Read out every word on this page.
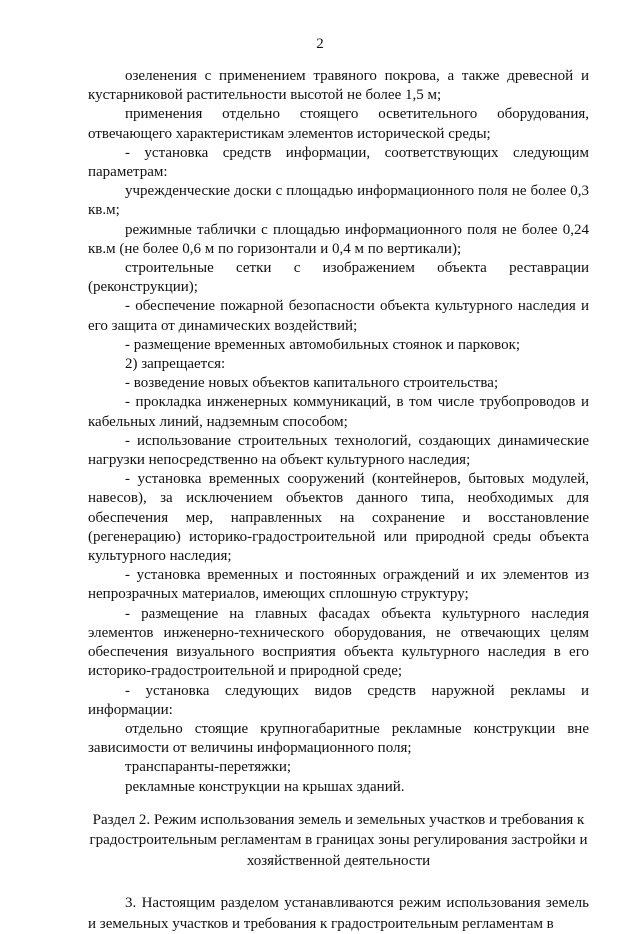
2

озеленения с применением травяного покрова, а также древесной и кустарниковой растительности высотой не более 1,5 м;

применения отдельно стоящего осветительного оборудования, отвечающего характеристикам элементов исторической среды;

- установка средств информации, соответствующих следующим параметрам:

учрежденческие доски с площадью информационного поля не более 0,3 кв.м;

режимные таблички с площадью информационного поля не более 0,24 кв.м (не более 0,6 м по горизонтали и 0,4 м по вертикали);

строительные сетки с изображением объекта реставрации (реконструкции);

- обеспечение пожарной безопасности объекта культурного наследия и его защита от динамических воздействий;

- размещение временных автомобильных стоянок и парковок;

2) запрещается:

- возведение новых объектов капитального строительства;

- прокладка инженерных коммуникаций, в том числе трубопроводов и кабельных линий, надземным способом;

- использование строительных технологий, создающих динамические нагрузки непосредственно на объект культурного наследия;

- установка временных сооружений (контейнеров, бытовых модулей, навесов), за исключением объектов данного типа, необходимых для обеспечения мер, направленных на сохранение и восстановление (регенерацию) историко-градостроительной или природной среды объекта культурного наследия;

- установка временных и постоянных ограждений и их элементов из непрозрачных материалов, имеющих сплошную структуру;

- размещение на главных фасадах объекта культурного наследия элементов инженерно-технического оборудования, не отвечающих целям обеспечения визуального восприятия объекта культурного наследия в его историко-градостроительной и природной среде;

- установка следующих видов средств наружной рекламы и информации:

отдельно стоящие крупногабаритные рекламные конструкции вне зависимости от величины информационного поля;

транспаранты-перетяжки;

рекламные конструкции на крышах зданий.

Раздел 2. Режим использования земель и земельных участков и требования к градостроительным регламентам в границах зоны регулирования застройки и хозяйственной деятельности

3. Настоящим разделом устанавливаются режим использования земель и земельных участков и требования к градостроительным регламентам в
